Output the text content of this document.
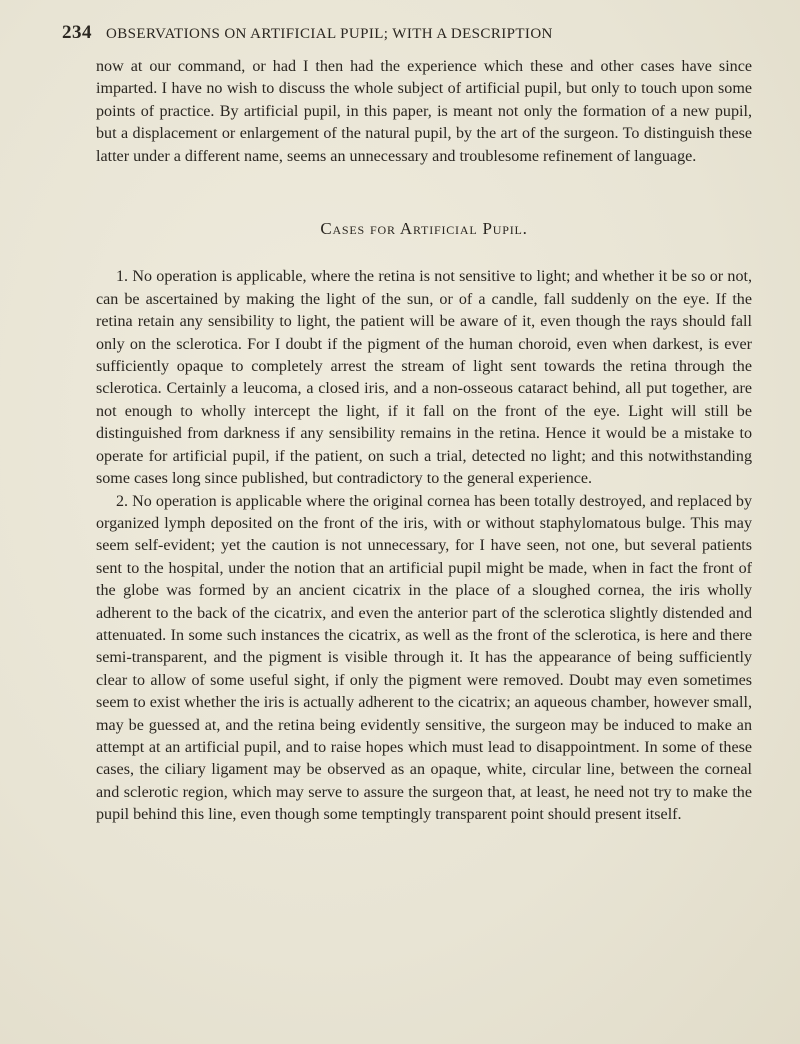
234 OBSERVATIONS ON ARTIFICIAL PUPIL; WITH A DESCRIPTION

now at our command, or had I then had the experience which these and other cases have since imparted. I have no wish to discuss the whole subject of artificial pupil, but only to touch upon some points of practice. By artificial pupil, in this paper, is meant not only the formation of a new pupil, but a displacement or enlargement of the natural pupil, by the art of the surgeon. To distinguish these latter under a different name, seems an unnecessary and troublesome refinement of language.

Cases for Artificial Pupil.

1. No operation is applicable, where the retina is not sensitive to light; and whether it be so or not, can be ascertained by making the light of the sun, or of a candle, fall suddenly on the eye. If the retina retain any sensibility to light, the patient will be aware of it, even though the rays should fall only on the sclerotica. For I doubt if the pigment of the human choroid, even when darkest, is ever sufficiently opaque to completely arrest the stream of light sent towards the retina through the sclerotica. Certainly a leucoma, a closed iris, and a non-osseous cataract behind, all put together, are not enough to wholly intercept the light, if it fall on the front of the eye. Light will still be distinguished from darkness if any sensibility remains in the retina. Hence it would be a mistake to operate for artificial pupil, if the patient, on such a trial, detected no light; and this notwithstanding some cases long since published, but contradictory to the general experience.

2. No operation is applicable where the original cornea has been totally destroyed, and replaced by organized lymph deposited on the front of the iris, with or without staphylomatous bulge. This may seem self-evident; yet the caution is not unnecessary, for I have seen, not one, but several patients sent to the hospital, under the notion that an artificial pupil might be made, when in fact the front of the globe was formed by an ancient cicatrix in the place of a sloughed cornea, the iris wholly adherent to the back of the cicatrix, and even the anterior part of the sclerotica slightly distended and attenuated. In some such instances the cicatrix, as well as the front of the sclerotica, is here and there semi-transparent, and the pigment is visible through it. It has the appearance of being sufficiently clear to allow of some useful sight, if only the pigment were removed. Doubt may even sometimes seem to exist whether the iris is actually adherent to the cicatrix; an aqueous chamber, however small, may be guessed at, and the retina being evidently sensitive, the surgeon may be induced to make an attempt at an artificial pupil, and to raise hopes which must lead to disappointment. In some of these cases, the ciliary ligament may be observed as an opaque, white, circular line, between the corneal and sclerotic region, which may serve to assure the surgeon that, at least, he need not try to make the pupil behind this line, even though some temptingly transparent point should present itself.
